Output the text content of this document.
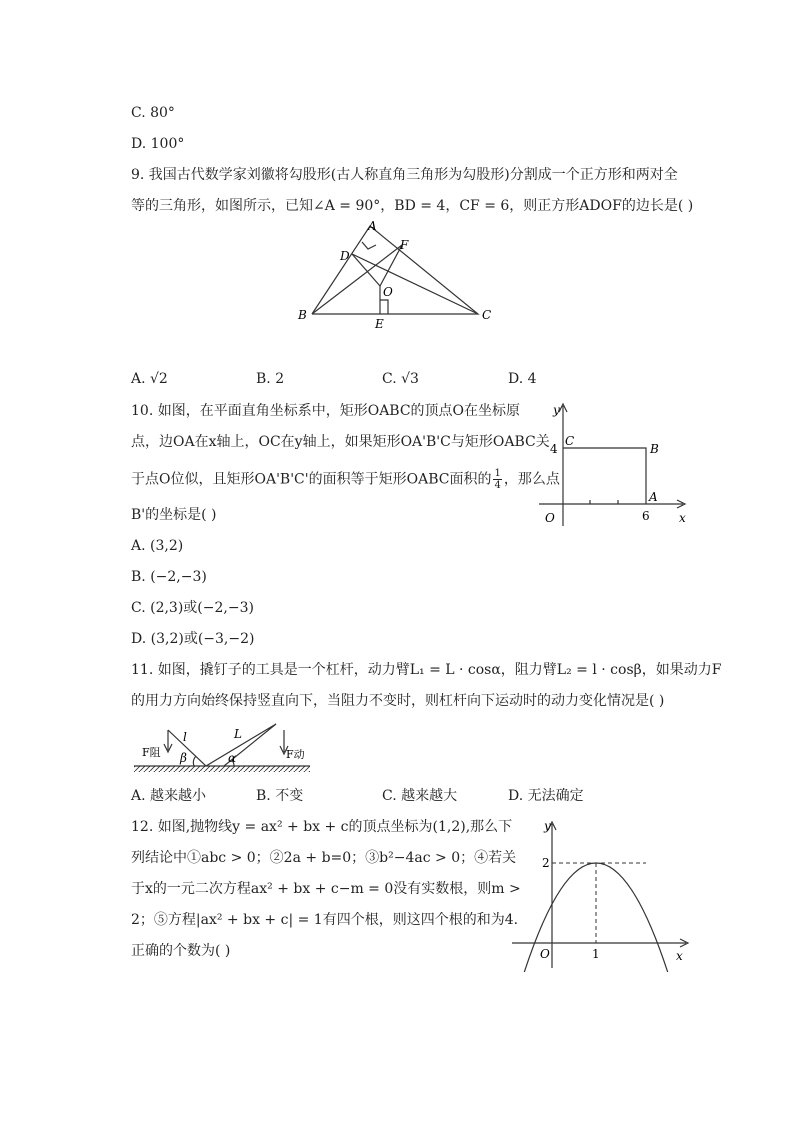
C. 80°
D. 100°
9. 我国古代数学家刘徽将勾股形(古人称直角三角形为勾股形)分割成一个正方形和两对全
等的三角形，如图所示，已知∠A = 90°，BD = 4，CF = 6，则正方形ADOF的边长是( )
A
F
D
O
B	C
E
A. √2	B. 2	C. √3	D. 4
10. 如图，在平面直角坐标系中，矩形OABC的顶点O在坐标原
点，边OA在x轴上，OC在y轴上，如果矩形OA'B'C与矩形OABC关
于点O位似，且矩形OA'B'C'的面积等于矩形OABC面积的 $\frac{1}{4}$ ，那么点
B'的坐标是( )
y
x
C
B
A
O
4
6
A. (3,2)
B. (−2,−3)
C. (2,3)或(−2,−3)
D. (3,2)或(−3,−2)
11. 如图，撬钉子的工具是一个杠杆，动力臂L₁ = L · cosα，阻力臂L₂ = l · cosβ，如果动力F
的用力方向始终保持竖直向下，当阻力不变时，则杠杆向下运动时的动力变化情况是( )
F阻	F动
l	L
β	α
A. 越来越小	B. 不变	C. 越来越大	D. 无法确定
12. 如图,抛物线y = ax² + bx + c的顶点坐标为(1,2),那么下
列结论中①abc > 0；②2a + b=0；③b²−4ac > 0；④若关
于x的一元二次方程ax² + bx + c−m = 0没有实数根，则m >
2；⑤方程|ax² + bx + c| = 1有四个根，则这四个根的和为4.
正确的个数为( )
y
x
O
2
1
